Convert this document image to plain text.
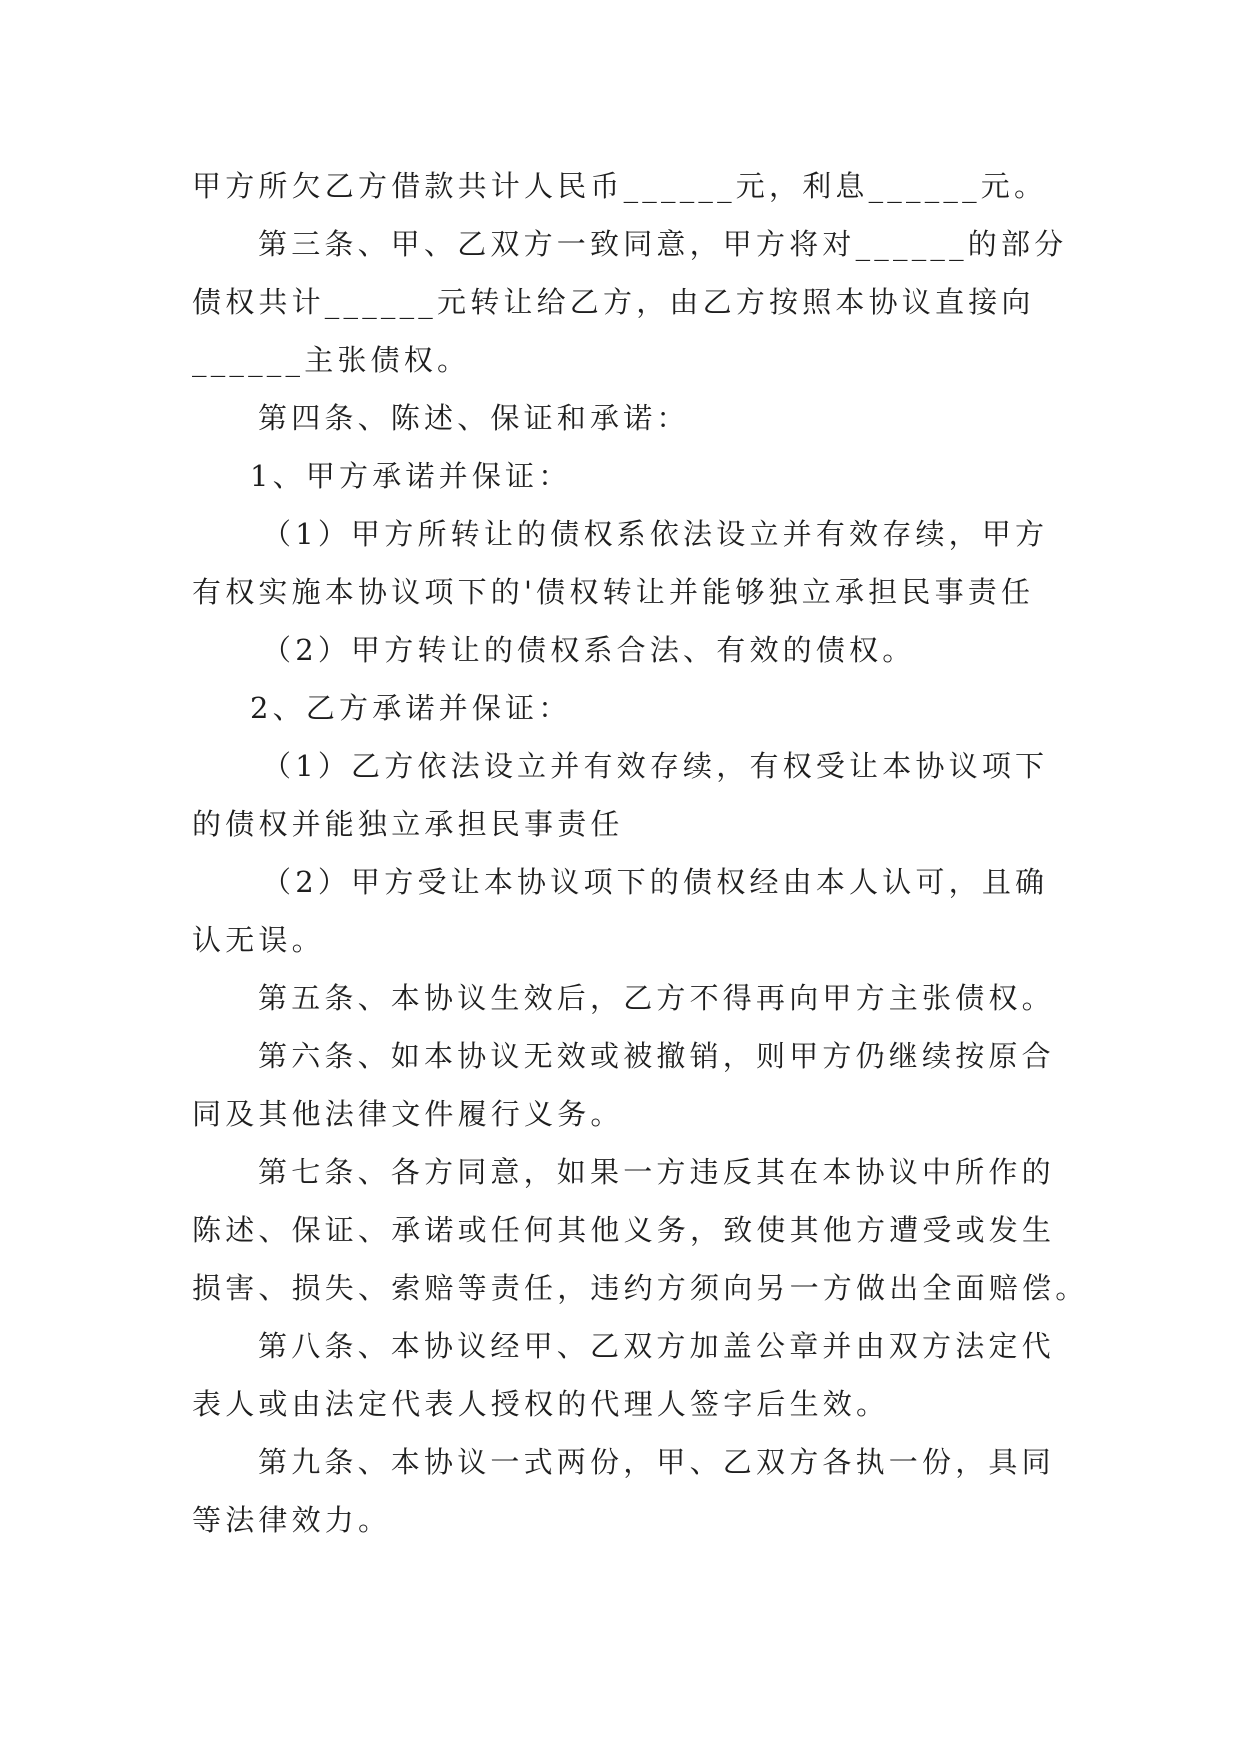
甲方所欠乙方借款共计人民币______元，利息______元。
第三条、甲、乙双方一致同意，甲方将对______的部分
债权共计______元转让给乙方，由乙方按照本协议直接向
______主张债权。
第四条、陈述、保证和承诺：
1、甲方承诺并保证：
（1）甲方所转让的债权系依法设立并有效存续，甲方
有权实施本协议项下的'债权转让并能够独立承担民事责任
（2）甲方转让的债权系合法、有效的债权。
2、乙方承诺并保证：
（1）乙方依法设立并有效存续，有权受让本协议项下
的债权并能独立承担民事责任
（2）甲方受让本协议项下的债权经由本人认可，且确
认无误。
第五条、本协议生效后，乙方不得再向甲方主张债权。
第六条、如本协议无效或被撤销，则甲方仍继续按原合
同及其他法律文件履行义务。
第七条、各方同意，如果一方违反其在本协议中所作的
陈述、保证、承诺或任何其他义务，致使其他方遭受或发生
损害、损失、索赔等责任，违约方须向另一方做出全面赔偿。
第八条、本协议经甲、乙双方加盖公章并由双方法定代
表人或由法定代表人授权的代理人签字后生效。
第九条、本协议一式两份，甲、乙双方各执一份，具同
等法律效力。
